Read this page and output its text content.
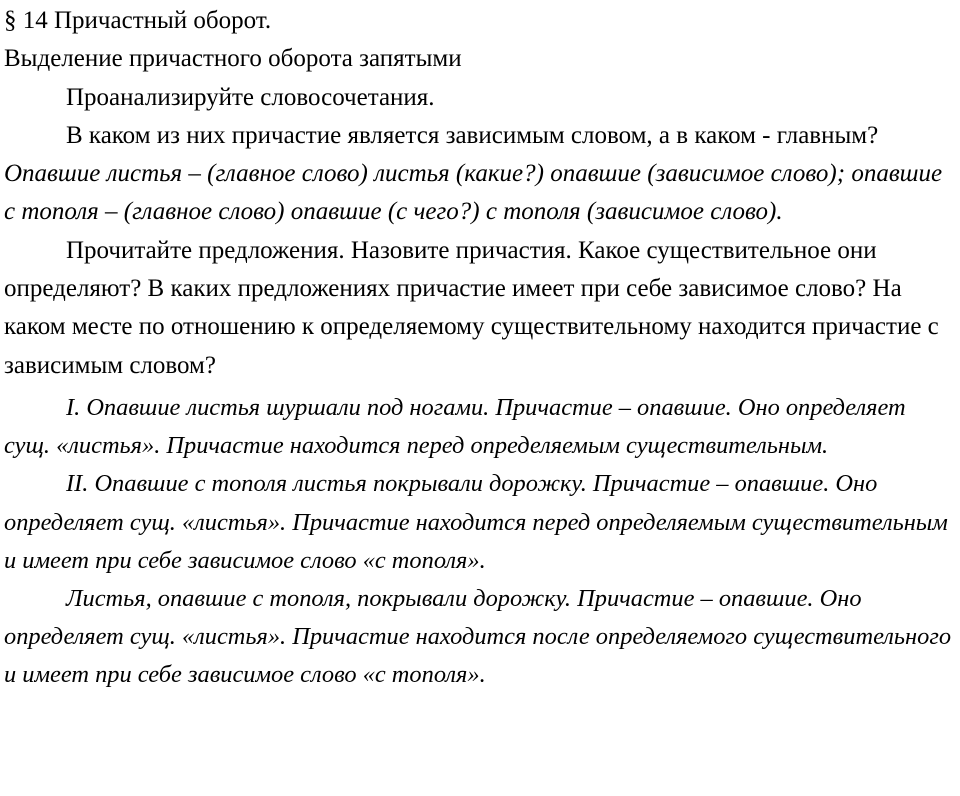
§ 14 Причастный оборот.

Выделение причастного оборота запятыми

Проанализируйте словосочетания.

В каком из них причастие является зависимым словом, а в каком - главным? Опавшие листья – (главное слово) листья (какие?) опавшие (зависимое слово); опавшие с тополя – (главное слово) опавшие (с чего?) с тополя (зависимое слово).

Прочитайте предложения. Назовите причастия. Какое существительное они определяют? В каких предложениях причастие имеет при себе зависимое слово? На каком месте по отношению к определяемому существительному находится причастие с зависимым словом?

I. Опавшие листья шуршали под ногами. Причастие – опавшие. Оно определяет сущ. «листья». Причастие находится перед определяемым существительным.

II. Опавшие с тополя листья покрывали дорожку. Причастие – опавшие. Оно определяет сущ. «листья». Причастие находится перед определяемым существительным и имеет при себе зависимое слово «с тополя».

Листья, опавшие с тополя, покрывали дорожку. Причастие – опавшие. Оно определяет сущ. «листья». Причастие находится после определяемого существительного и имеет при себе зависимое слово «с тополя».
